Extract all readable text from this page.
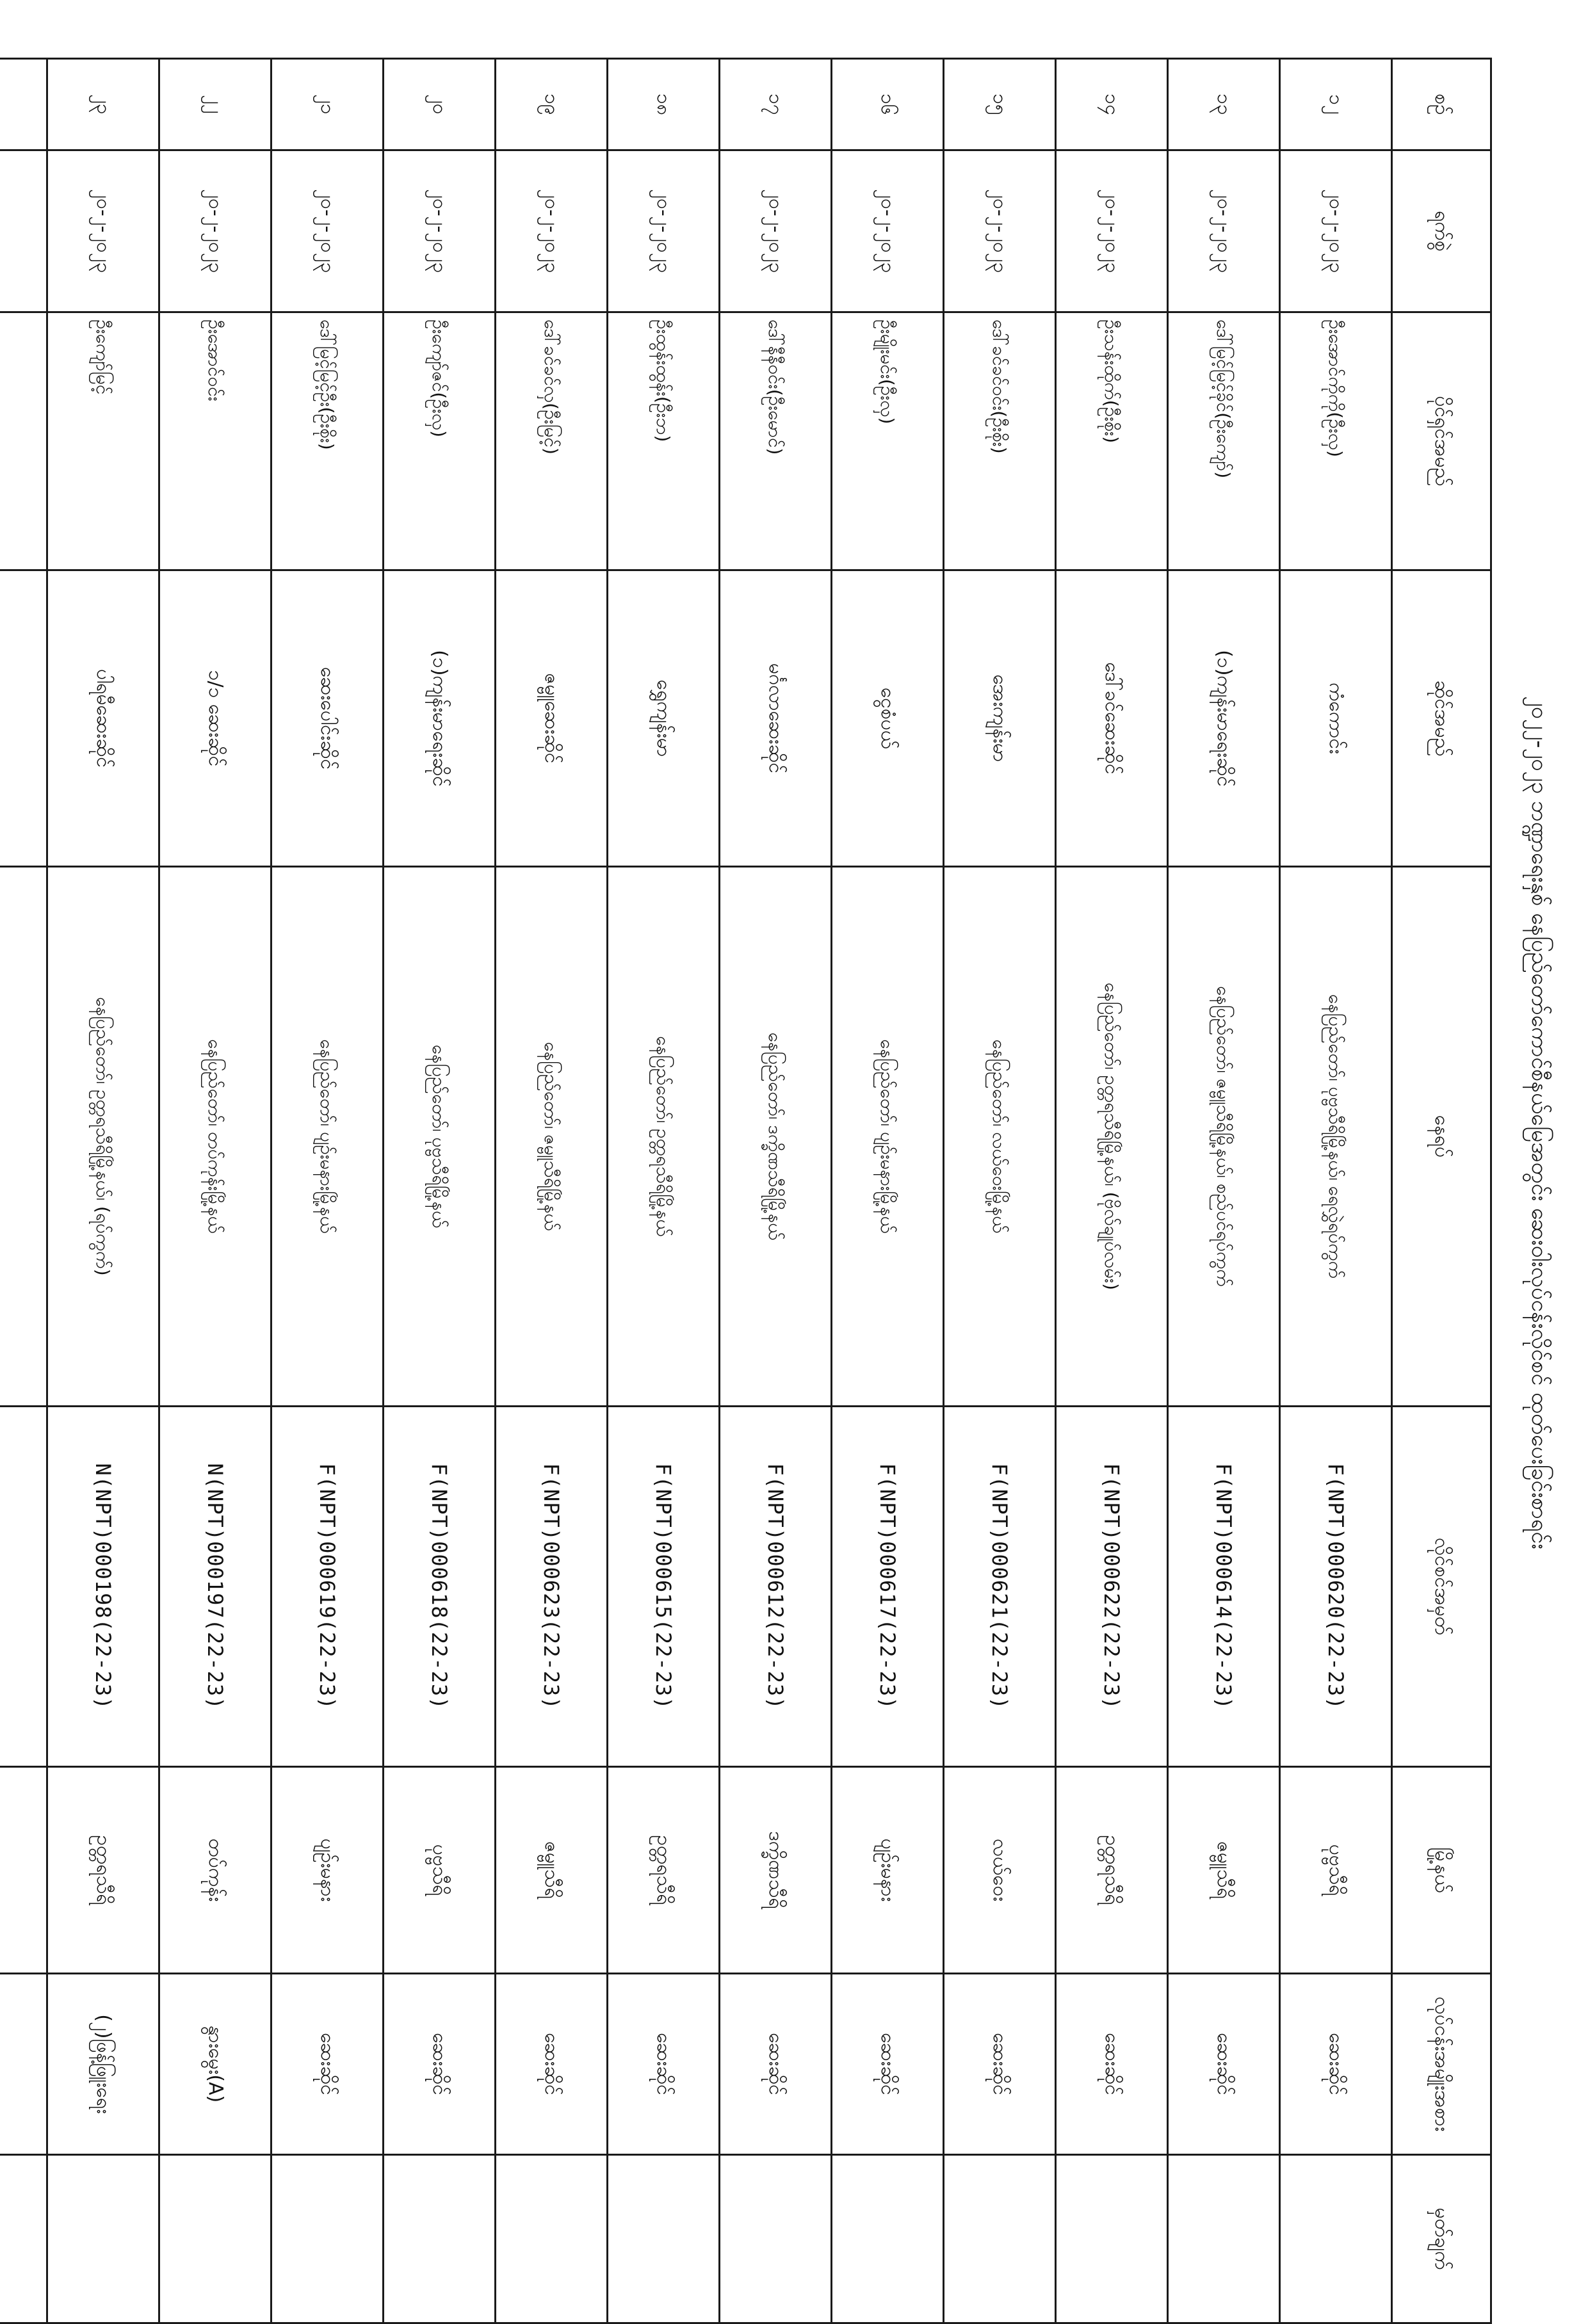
၂၀၂၂-၂၀၂၃ ဘဏ္ဍာရေးနှစ် နေပြည်တော်ကောင်စီနယ်မြေအတွင်း ဆေးဝါးလုပ်ငန်းလိုင်စင် ထုတ်ပေးခြင်းစာရင်း
စဉ်	ရက်စွဲ	ပိုင်ရှင်အမည်	ဆိုင်အမည်	နေရပ်	လိုင်စင်အမှတ်	မြို့နယ်	လုပ်ငန်းအမျိုးအစား	မှတ်ချက်
၁၂	၂၀-၂-၂၀၂၃	ဦးအောင်ကိုကို(ဦးလှ)	ကံကောင်း	နေပြည်တော်၊ ပုဗ္ဗသီရိမြို့နယ်၊ ရေလွှဲရပ်ကွက်	F(NPT)000620(22-23)	ပုဗ္ဗသီရိ	ဆေးဆိုင်	
၁၃	၂၀-၂-၂၀၂၃	ဒေါ်မြင့်မြင့်ခိုင်(ဦးကျော်)	(၁)ကျန်းမာရေးဆိုင်	နေပြည်တော်၊ ဇမ္ဗူသီရိမြို့နယ်၊ စည်ပင်ရပ်ကွက်	F(NPT)000614(22-23)	ဇမ္ဗူသီရိ	ဆေးဆိုင်	
၁၄	၂၀-၂-၂၀၂၃	ဦးသန်းထိုက်(ဦးစိုး)	ဒေါ်ခင်ဆေးဆိုင်	နေပြည်တော်၊ ဥတ္တရသီရိမြို့နယ်၊ (ဗိုလ်ချုပ်လမ်း)	F(NPT)000622(22-23)	ဥတ္တရသီရိ	ဆေးဆိုင်	
၁၅	၂၀-၂-၂၀၂၃	ဒေါ်ခင်ခင်ဝင်း(ဦးစိုး)	အေးကျန်းမာ	နေပြည်တော်၊ လယ်ဝေးမြို့နယ်	F(NPT)000621(22-23)	လယ်ဝေး	ဆေးဆိုင်	
၁၆	၂၀-၂-၂၀၂၃	ဦးမျိုးမင်း(ဦးလှ)	ငွေစံပယ်	နေပြည်တော်၊ ပျဉ်းမနားမြို့နယ်	F(NPT)000617(22-23)	ပျဉ်းမနား	ဆေးဆိုင်	
၁၇	၂၀-၂-၂၀၂၃	ဒေါ်နီနီဝင်း(ဦးမောင်)	မင်္ဂလာဆေးဆိုင်	နေပြည်တော်၊ ဒက္ခိဏသီရိမြို့နယ်	F(NPT)000612(22-23)	ဒက္ခိဏသီရိ	ဆေးဆိုင်	
၁၈	၂၀-၂-၂၀၂၃	ဦးထွန်းထွန်း(ဦးဘ)	ရွှေကျန်းမာ	နေပြည်တော်၊ ဥတ္တရသီရိမြို့နယ်	F(NPT)000615(22-23)	ဥတ္တရသီရိ	ဆေးဆိုင်	
၁၉	၂၀-၂-၂၀၂၃	ဒေါ်ခင်ခင်လှ(ဦးမြင့်)	ဇမ္ဗူဆေးဆိုင်	နေပြည်တော်၊ ဇမ္ဗူသီရိမြို့နယ်	F(NPT)000623(22-23)	ဇမ္ဗူသီရိ	ဆေးဆိုင်	
၂၀	၂၀-၂-၂၀၂၃	ဦးကျော်ဇင်(ဦးလှ)	(၁)ကျန်းမာရေးဆိုင်	နေပြည်တော်၊ ပုဗ္ဗသီရိမြို့နယ်	F(NPT)000618(22-23)	ပုဗ္ဗသီရိ	ဆေးဆိုင်	
၂၁	၂၀-၂-၂၀၂၃	ဒေါ်မြင့်မြင့်ဦး(ဦးစိုး)	ဆေးပေါင်းဆိုင်	နေပြည်တော်၊ ပျဉ်းမနားမြို့နယ်	F(NPT)000619(22-23)	ပျဉ်းမနား	ဆေးဆိုင်	
၂၂	၂၀-၂-၂၀၂၃	ဦးအောင်ဝင်း	၁/၁ ဆေးဆိုင်	နေပြည်တော်၊ တပ်ကုန်းမြို့နယ်	N(NPT)000197(22-23)	တပ်ကုန်း	နွားမွေး(A)	
၂၃	၂၀-၂-၂၀၂၃	ဦးကျော်မြင့်	ပါရမီဆေးဆိုင်	နေပြည်တော်၊ ဥတ္တရသီရိမြို့နယ်၊ (ရပ်ကွက်)	N(NPT)000198(22-23)	ဥတ္တရသီရိ	(၂)ဖြန့်ဖြူးရေး	
